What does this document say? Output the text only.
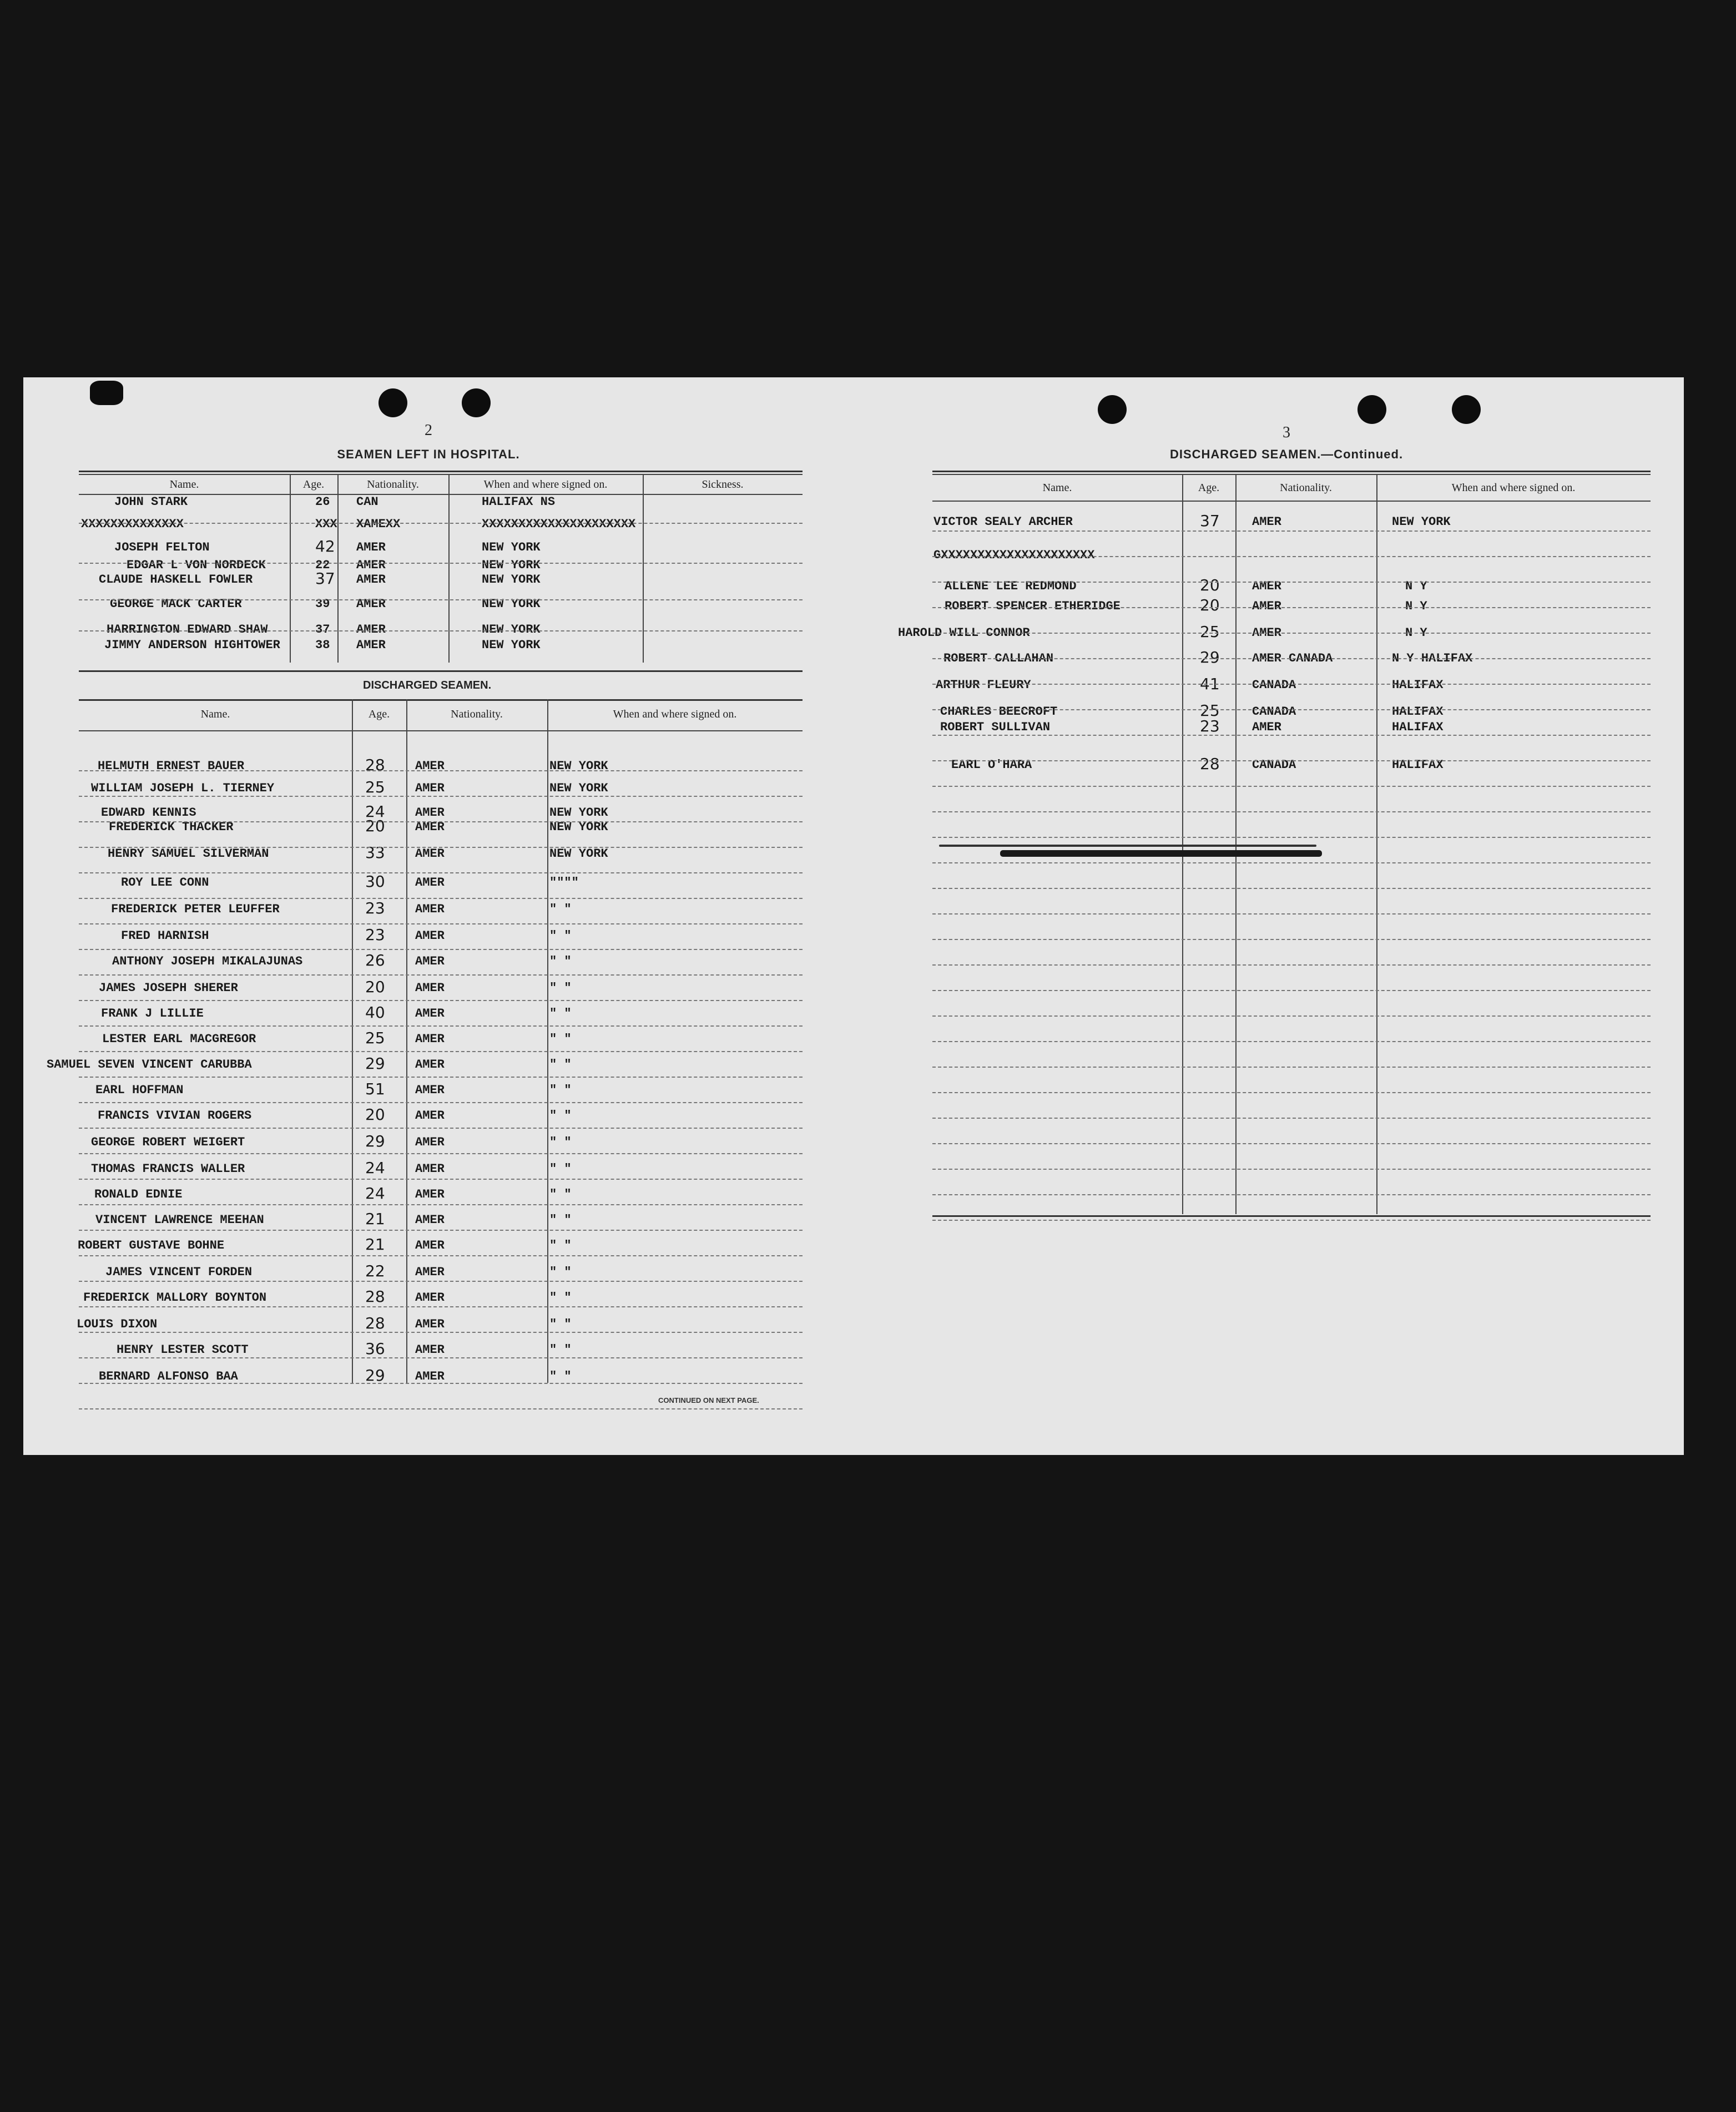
2
SEAMEN LEFT IN HOSPITAL.
Name.	Age.	Nationality.	When and where signed on.	Sickness.
JOHN STARK	26 CAN	HALIFAX NS
XXXXXXXXXXXXXX	XXX XAMEXX	XXXXXXXXXXXXXXXXXXXXX
JOSEPH FELTON	42 AMER	NEW YORK
EDGAR L VON NORDECK	22 AMER	NEW YORK
CLAUDE HASKELL FOWLER	37 AMER	NEW YORK
GEORGE MACK CARTER	39 AMER	NEW YORK
HARRINGTON EDWARD SHAW	37 AMER	NEW YORK
JIMMY ANDERSON HIGHTOWER	38 AMER	NEW YORK
DISCHARGED SEAMEN.
Name.	Age.	Nationality.	When and where signed on.
HELMUTH ERNEST BAUER	28 AMER	NEW YORK
WILLIAM JOSEPH L. TIERNEY	25 AMER	NEW YORK
EDWARD KENNIS	24 AMER	NEW YORK
FREDERICK THACKER	20 AMER	NEW YORK
HENRY SAMUEL SILVERMAN	33 AMER	NEW YORK
ROY LEE CONN	30 AMER	""""
FREDERICK PETER LEUFFER	23 AMER	" "
FRED HARNISH	23 AMER	" "
ANTHONY JOSEPH MIKALAJUNAS	26 AMER	" "
JAMES JOSEPH SHERER	20 AMER	" "
FRANK J LILLIE	40 AMER	" "
LESTER EARL MACGREGOR	25 AMER	" "
SAMUEL SEVEN VINCENT CARUBBA	29 AMER	" "
EARL HOFFMAN	51 AMER	" "
FRANCIS VIVIAN ROGERS	20 AMER	" "
GEORGE ROBERT WEIGERT	29 AMER	" "
THOMAS FRANCIS WALLER	24 AMER	" "
RONALD EDNIE	24 AMER	" "
VINCENT LAWRENCE MEEHAN	21 AMER	" "
ROBERT GUSTAVE BOHNE	21 AMER	" "
JAMES VINCENT FORDEN	22 AMER	" "
FREDERICK MALLORY BOYNTON	28 AMER	" "
LOUIS DIXON	28 AMER	" "
HENRY LESTER SCOTT	36 AMER	" "
BERNARD ALFONSO BAA	29 AMER	" "
CONTINUED ON NEXT PAGE.
3
DISCHARGED SEAMEN.—Continued.
Name.	Age.	Nationality.	When and where signed on.
VICTOR SEALY ARCHER	37	AMER	NEW YORK
GXXXXXXXXXXXXXXXXXXXXX
ALLENE LEE REDMOND	20	AMER	N Y
ROBERT SPENCER ETHERIDGE	20	AMER	N Y
HAROLD WILL CONNOR	25	AMER	N Y
ROBERT CALLAHAN	29	AMER CANADA	N Y HALIFAX
ARTHUR FLEURY	41	CANADA	HALIFAX
CHARLES BEECROFT	25	CANADA	HALIFAX
ROBERT SULLIVAN	23	AMER	HALIFAX
EARL O'HARA	28	CANADA	HALIFAX
